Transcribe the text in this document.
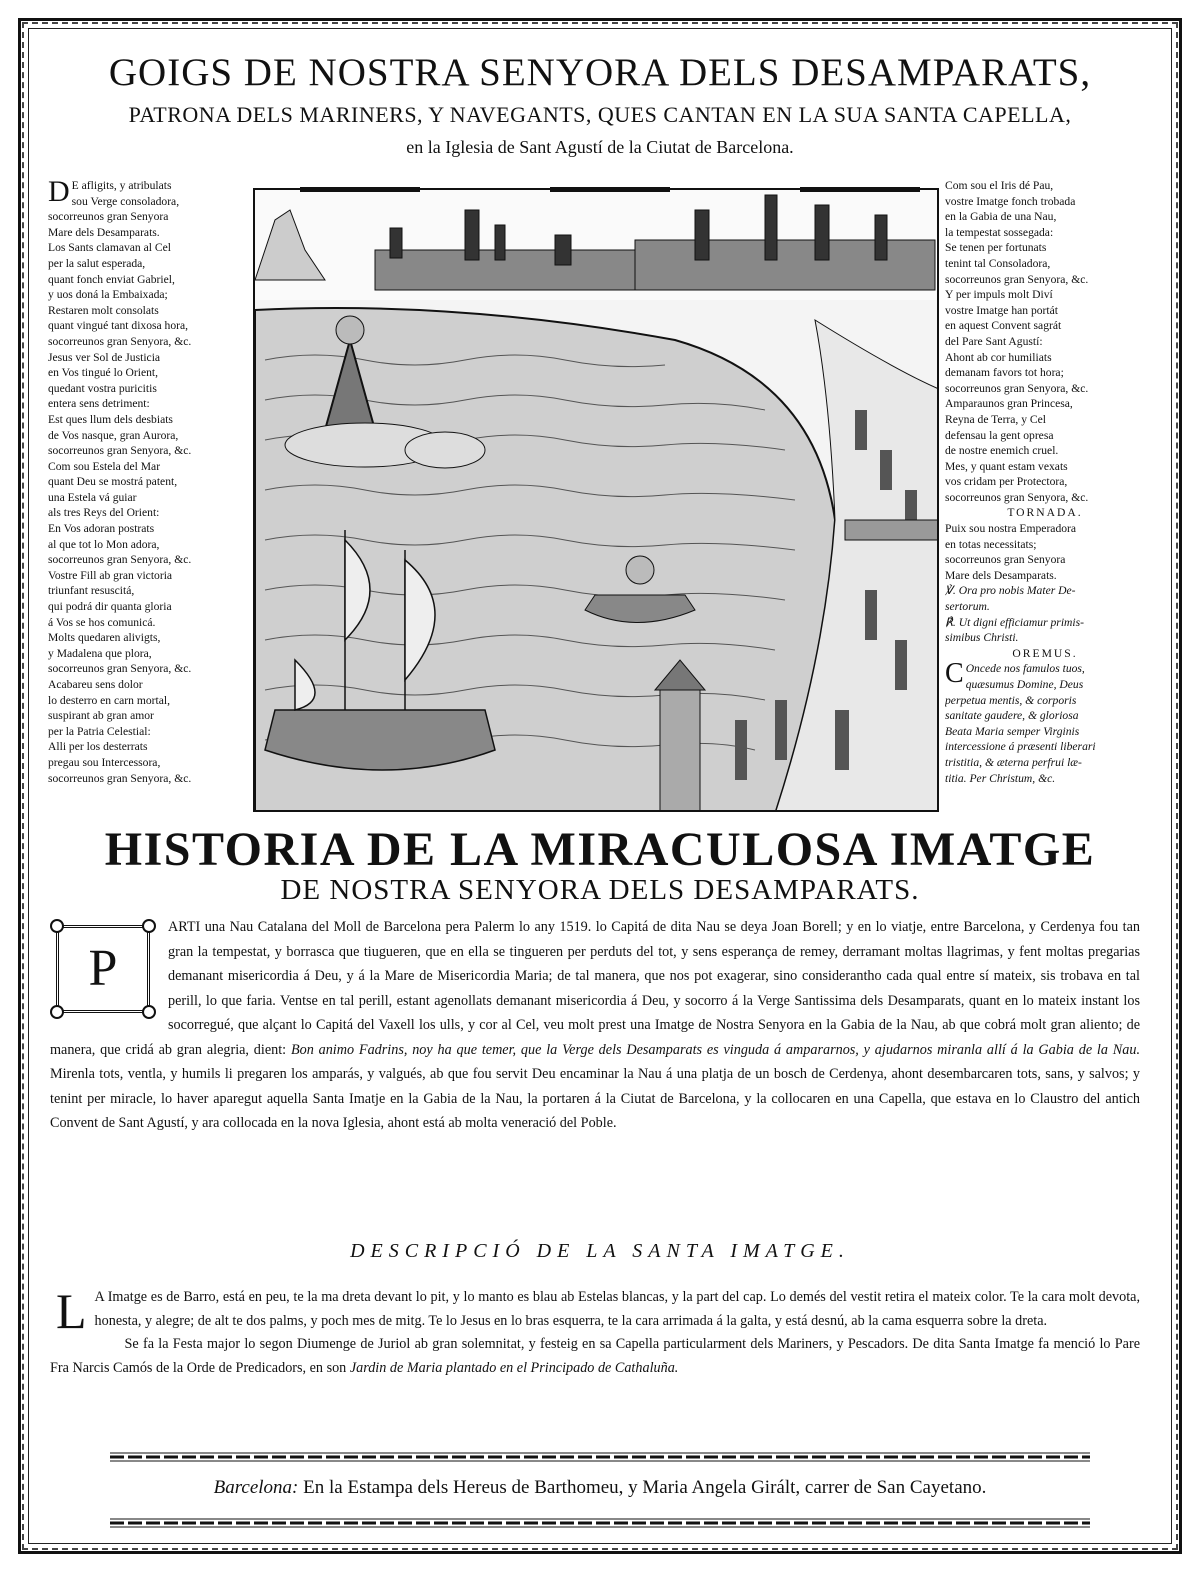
GOIGS DE NOSTRA SENYORA DELS DESAMPARATS,
PATRONA DELS MARINERS, Y NAVEGANTS, QUES CANTAN EN LA SUA SANTA CAPELLA,
en la Iglesia de Sant Agustí de la Ciutat de Barcelona.
D E afligits, y atribulats
sou Verge consoladora,
socorreunos gran Senyora
Mare dels Desamparats.
Los Sants clamavan al Cel
per la salut esperada,
quant fonch enviat Gabriel,
y uos doná la Embaixada;
Restaren molt consolats
quant vingué tant dixosa hora,
socorreunos gran Senyora, &c.
Jesus ver Sol de Justicia
en Vos tingué lo Orient,
quedant vostra puricitis
entera sens detriment:
Est ques llum dels desbiats
de Vos nasque, gran Aurora,
socorreunos gran Senyora, &c.
Com sou Estela del Mar
quant Deu se mostrá patent,
una Estela vá guiar
als tres Reys del Orient:
En Vos adoran postrats
al que tot lo Mon adora,
socorreunos gran Senyora, &c.
Vostre Fill ab gran victoria
triunfant resuscitá,
qui podrá dir quanta gloria
á Vos se hos comunicá.
Molts quedaren alivigts,
y Madalena que plora,
socorreunos gran Senyora, &c.
Acabareu sens dolor
lo desterro en carn mortal,
suspirant ab gran amor
per la Patria Celestial:
Alli per los desterrats
pregau sou Intercessora,
socorreunos gran Senyora, &c.
Com sou el Iris dé Pau,
vostre Imatge fonch trobada
en la Gabia de una Nau,
la tempestat sossegada:
Se tenen per fortunats
tenint tal Consoladora,
socorreunos gran Senyora, &c.
Y per impuls molt Diví
vostre Imatge han portát
en aquest Convent sagrát
del Pare Sant Agustí:
Ahont ab cor humiliats
demanam favors tot hora;
socorreunos gran Senyora, &c.
Amparaunos gran Princesa,
Reyna de Terra, y Cel
defensau la gent opresa
de nostre enemich cruel.
Mes, y quant estam vexats
vos cridam per Protectora,
socorreunos gran Senyora, &c.
TORNADA.
Puix sou nostra Emperadora
en totas necessitats;
socorreunos gran Senyora
Mare dels Desamparats.
℣. Ora pro nobis Mater De-
sertorum.
℟. Ut digni efficiamur primis-
simibus Christi.
OREMUS.
C Oncede nos famulos tuos,
quæsumus Domine, Deus
perpetua mentis, & corporis
sanitate gaudere, & gloriosa
Beata Maria semper Virginis
intercessione á præsenti liberari
tristitia, & æterna perfrui læ-
titia. Per Christum, &c.
HISTORIA DE LA MIRACULOSA IMATGE
DE NOSTRA SENYORA DELS DESAMPARATS.
P
ARTI una Nau Catalana del Moll de Barcelona pera Palerm lo any 1519. lo Capitá de dita Nau se deya Joan Borell; y en lo viatje, entre Barcelona, y Cerdenya fou tan gran la tempestat, y borrasca que tiugueren, que en ella se tingueren per perduts del tot, y sens esperança de remey, derramant moltas llagrimas, y fent moltas pregarias demanant misericordia á Deu, y á la Mare de Misericordia Maria; de tal manera, que nos pot exagerar, sino considerantho cada qual entre sí mateix, sis trobava en tal perill, lo que faria. Ventse en tal perill, estant agenollats demanant misericordia á Deu, y socorro á la Verge Santissima dels Desamparats, quant en lo mateix instant los socorregué, que alçant lo Capitá del Vaxell los ulls, y cor al Cel, veu molt prest una Imatge de Nostra Senyora en la Gabia de la Nau, ab que cobrá molt gran aliento; de manera, que cridá ab gran alegria, dient: Bon animo Fadrins, noy ha que temer, que la Verge dels Desamparats es vinguda á ampararnos, y ajudarnos miranla allí á la Gabia de la Nau. Mirenla tots, ventla, y humils li pregaren los amparás, y valgués, ab que fou servit Deu encaminar la Nau á una platja de un bosch de Cerdenya, ahont desembarcaren tots, sans, y salvos; y tenint per miracle, lo haver aparegut aquella Santa Imatje en la Gabia de la Nau, la portaren á la Ciutat de Barcelona, y la collocaren en una Capella, que estava en lo Claustro del antich Convent de Sant Agustí, y ara collocada en la nova Iglesia, ahont está ab molta veneració del Poble.
DESCRIPCIÓ DE LA SANTA IMATGE.

L A Imatge es de Barro, está en peu, te la ma dreta devant lo pit, y lo manto es blau ab Estelas blancas, y la part del cap. Lo demés del vestit retira el mateix color. Te la cara molt devota, honesta, y alegre; de alt te dos palms, y poch mes de mitg. Te lo Jesus en lo bras esquerra, te la cara arrimada á la galta, y está desnú, ab la cama esquerra sobre la dreta.

Se fa la Festa major lo segon Diumenge de Juriol ab gran solemnitat, y festeig en sa Capella particularment dels Mariners, y Pescadors. De dita Santa Imatge fa menció lo Pare Fra Narcis Camós de la Orde de Predicadors, en son Jardin de Maria plantado en el Principado de Cathaluña.

Barcelona: En la Estampa dels Hereus de Barthomeu, y Maria Angela Girált, carrer de San Cayetano.
